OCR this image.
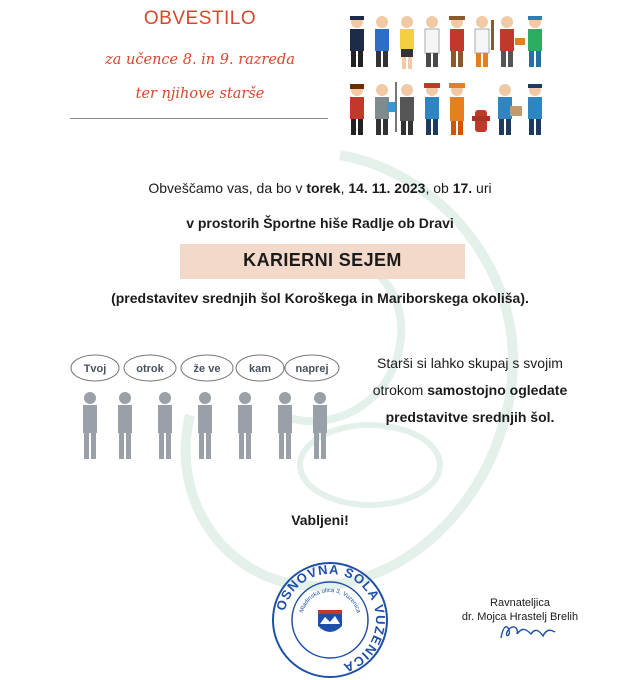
OBVESTILO
za učence 8. in 9. razreda
ter njihove starše
Obveščamo vas, da bo v torek, 14. 11. 2023, ob 17. uri
v prostorih Športne hiše Radlje ob Dravi
KARIERNI SEJEM
(predstavitev srednjih šol Koroškega in Mariborskega okoliša).
Tvoj	otrok	že ve	kam naprej	Starši si lahko skupaj s svojim
otrokom samostojno ogledate
predstavitve srednjih šol.
Vabljeni!
OSNOVNA ŠOLA VUZENICA
Mladinska ulica 3, Vuzenica
Ravnateljica
dr. Mojca Hrastelj Brelih
